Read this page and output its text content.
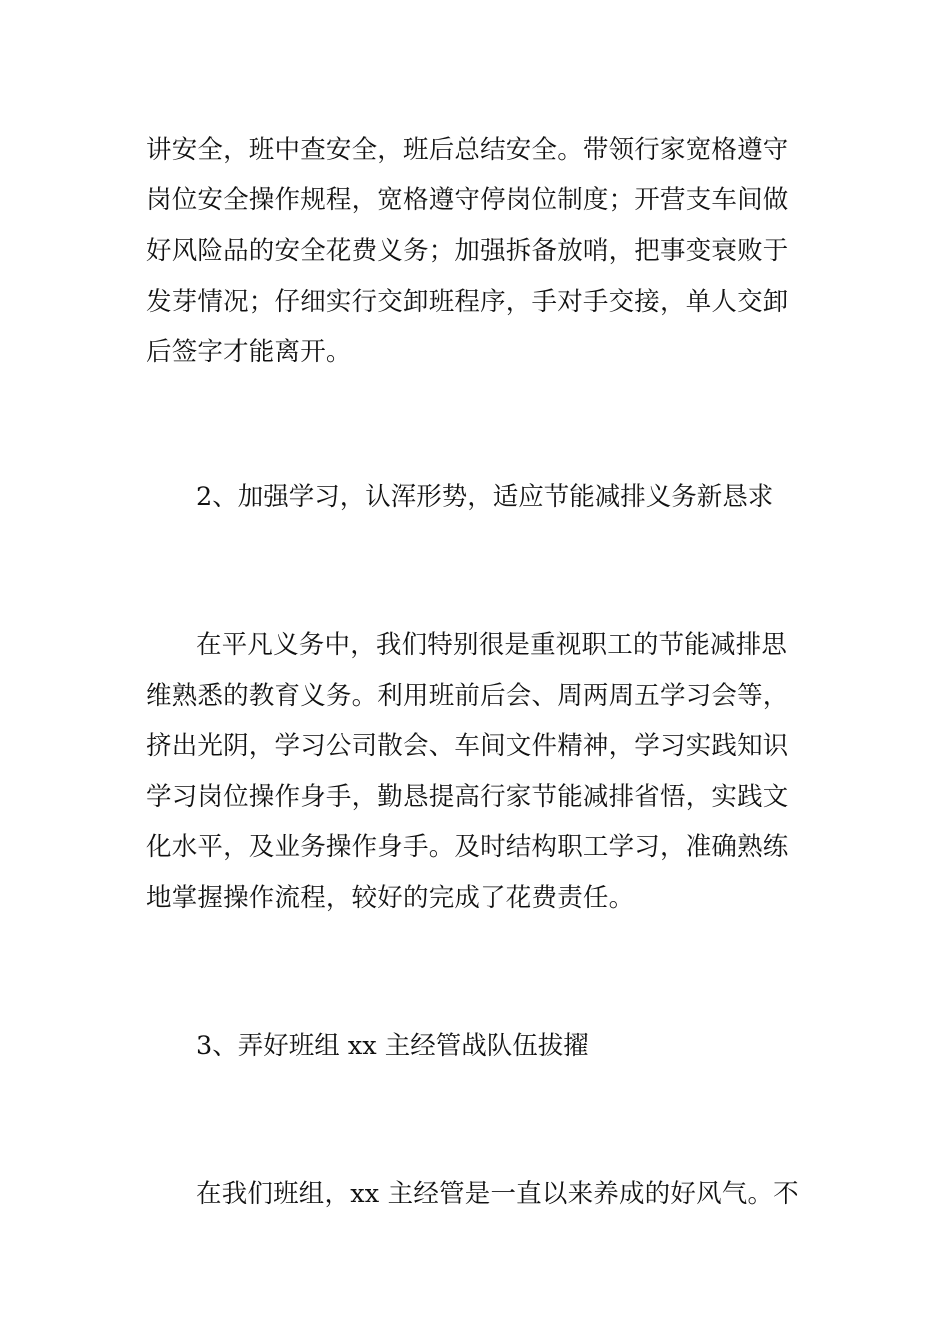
讲安全，班中查安全，班后总结安全。带领行家宽格遵守
岗位安全操作规程，宽格遵守停岗位制度；开营支车间做
好风险品的安全花费义务；加强拆备放哨，把事变衰败于
发芽情况；仔细实行交卸班程序，手对手交接，单人交卸
后签字才能离开。
2、加强学习，认浑形势，适应节能减排义务新恳求
在平凡义务中，我们特别很是重视职工的节能减排思
维熟悉的教育义务。利用班前后会、周两周五学习会等，
挤出光阴，学习公司散会、车间文件精神，学习实践知识
学习岗位操作身手，勤恳提高行家节能减排省悟，实践文
化水平，及业务操作身手。及时结构职工学习，准确熟练
地掌握操作流程，较好的完成了花费责任。
3、弄好班组 xx 主经管战队伍拔擢
在我们班组，xx 主经管是一直以来养成的好风气。不
